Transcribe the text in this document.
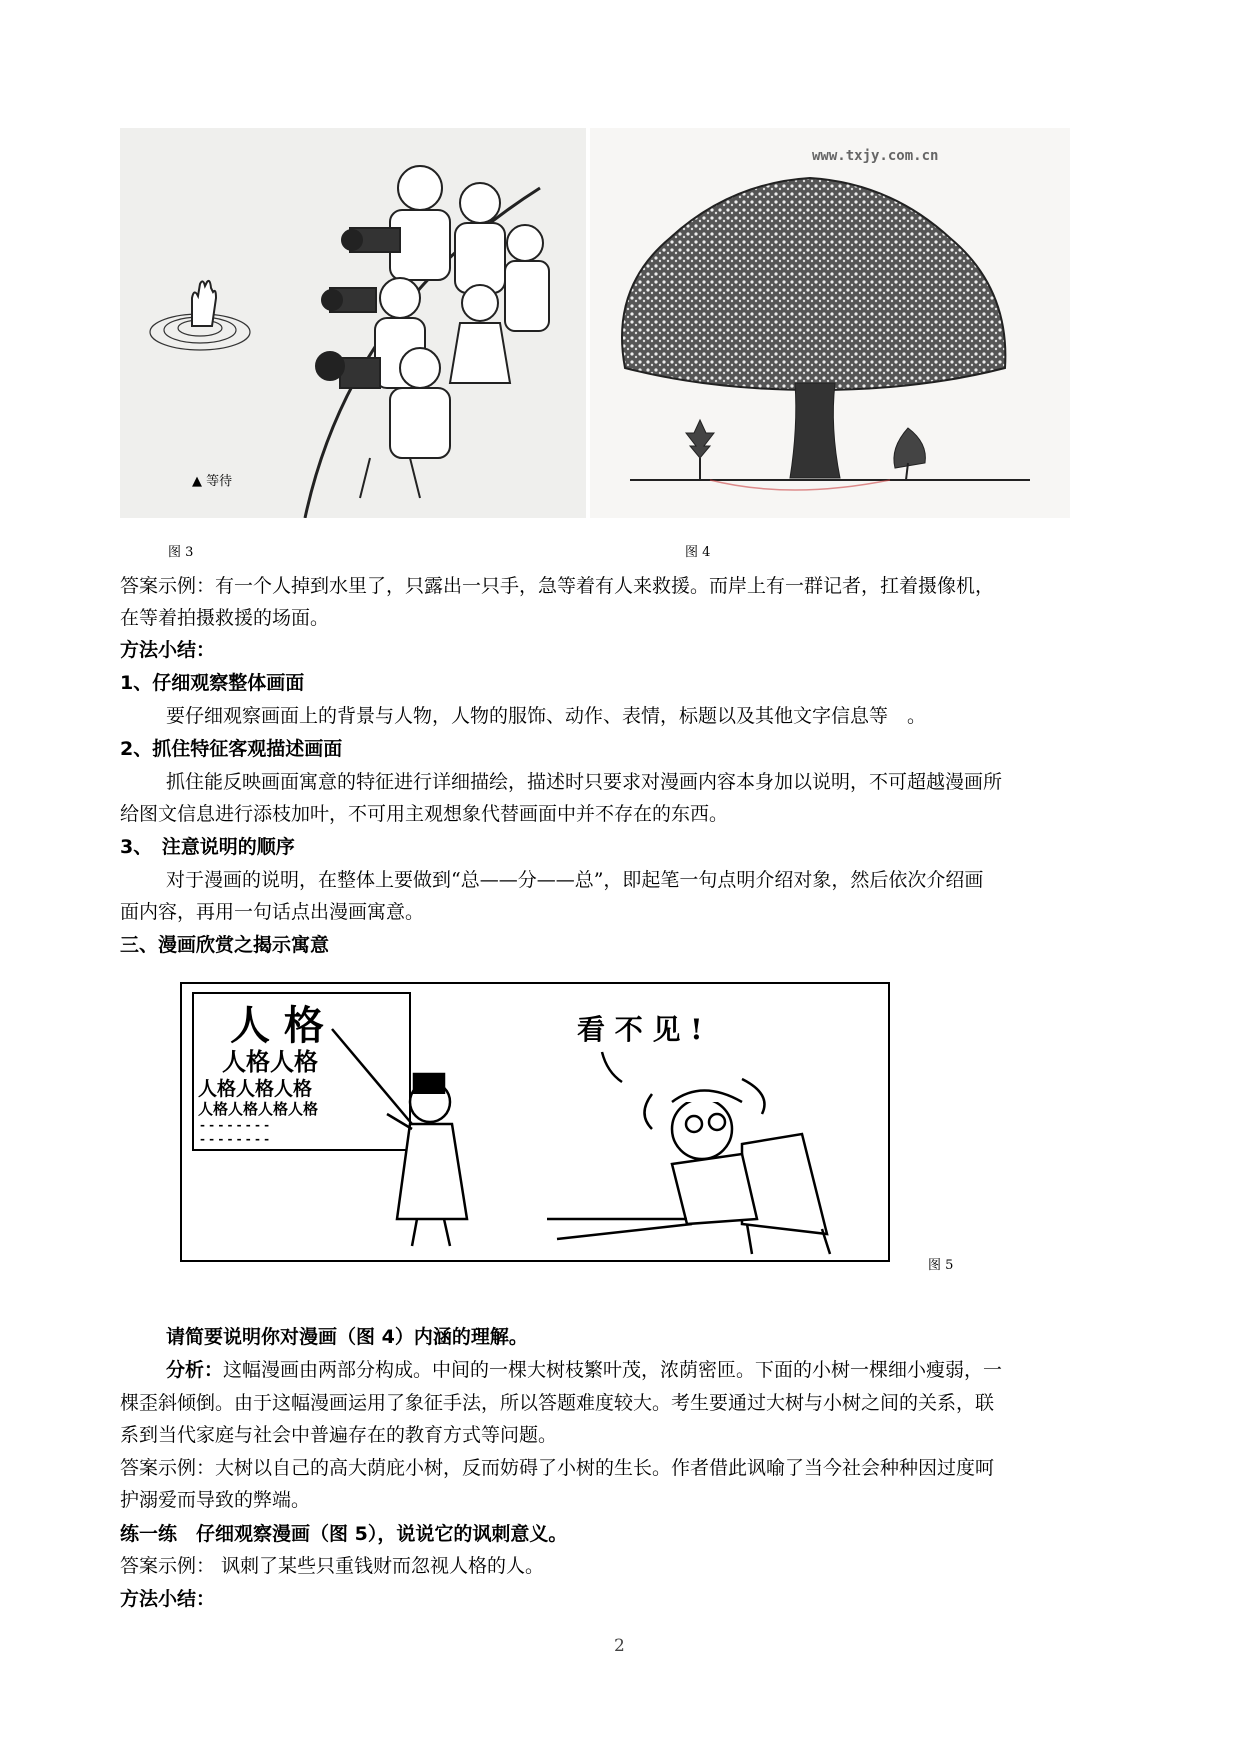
▲ 等待
www.txjy.com.cn
图 3	图 4
答案示例：有一个人掉到水里了，只露出一只手，急等着有人来救援。而岸上有一群记者，扛着摄像机，
在等着拍摄救援的场面。
方法小结：
1、仔细观察整体画面
要仔细观察画面上的背景与人物，人物的服饰、动作、表情，标题以及其他文字信息等　。
2、抓住特征客观描述画面
抓住能反映画面寓意的特征进行详细描绘，描述时只要求对漫画内容本身加以说明，不可超越漫画所
给图文信息进行添枝加叶，不可用主观想象代替画面中并不存在的东西。
3、　注意说明的顺序
对于漫画的说明，在整体上要做到“总——分——总”，即起笔一句点明介绍对象，然后依次介绍画
面内容，再用一句话点出漫画寓意。
三、漫画欣赏之揭示寓意
人 格
人格人格
人格人格人格
人格人格人格人格
- - - - - - - -
- - - - - - - -
看 不 见 !
图 5
请简要说明你对漫画（图 4）内涵的理解。
分析：这幅漫画由两部分构成。中间的一棵大树枝繁叶茂，浓荫密匝。下面的小树一棵细小瘦弱，一
棵歪斜倾倒。由于这幅漫画运用了象征手法，所以答题难度较大。考生要通过大树与小树之间的关系，联
系到当代家庭与社会中普遍存在的教育方式等问题。
答案示例：大树以自己的高大荫庇小树，反而妨碍了小树的生长。作者借此讽喻了当今社会种种因过度呵
护溺爱而导致的弊端。
练一练　仔细观察漫画（图 5），说说它的讽刺意义。
答案示例： 讽刺了某些只重钱财而忽视人格的人。
方法小结：
2
